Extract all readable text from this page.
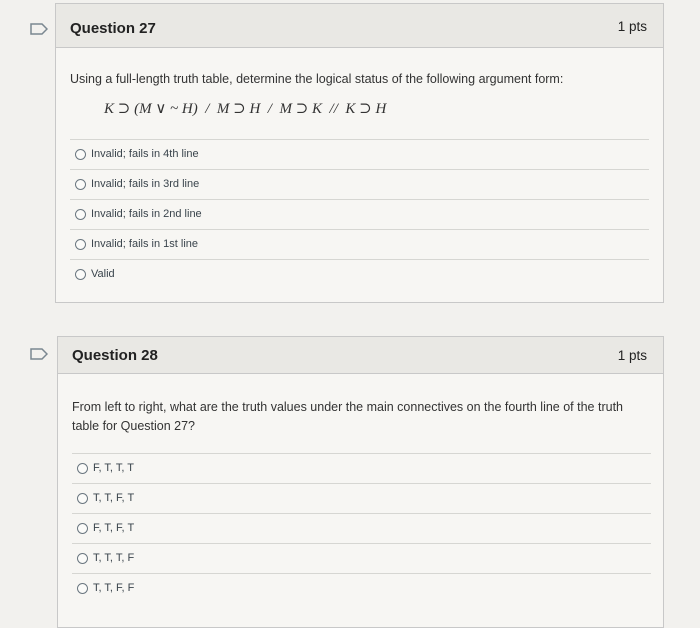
Question 27	1 pts
Using a full-length truth table, determine the logical status of the following argument form:
K ⊃ (M ∨ ~ H)  /  M ⊃ H  /  M ⊃ K  //  K ⊃ H
Invalid; fails in 4th line
Invalid; fails in 3rd line
Invalid; fails in 2nd line
Invalid; fails in 1st line
Valid
Question 28	1 pts
From left to right, what are the truth values under the main connectives on the fourth line of the truth table for Question 27?
F, T, T, T
T, T, F, T
F, T, F, T
T, T, T, F
T, T, F, F
